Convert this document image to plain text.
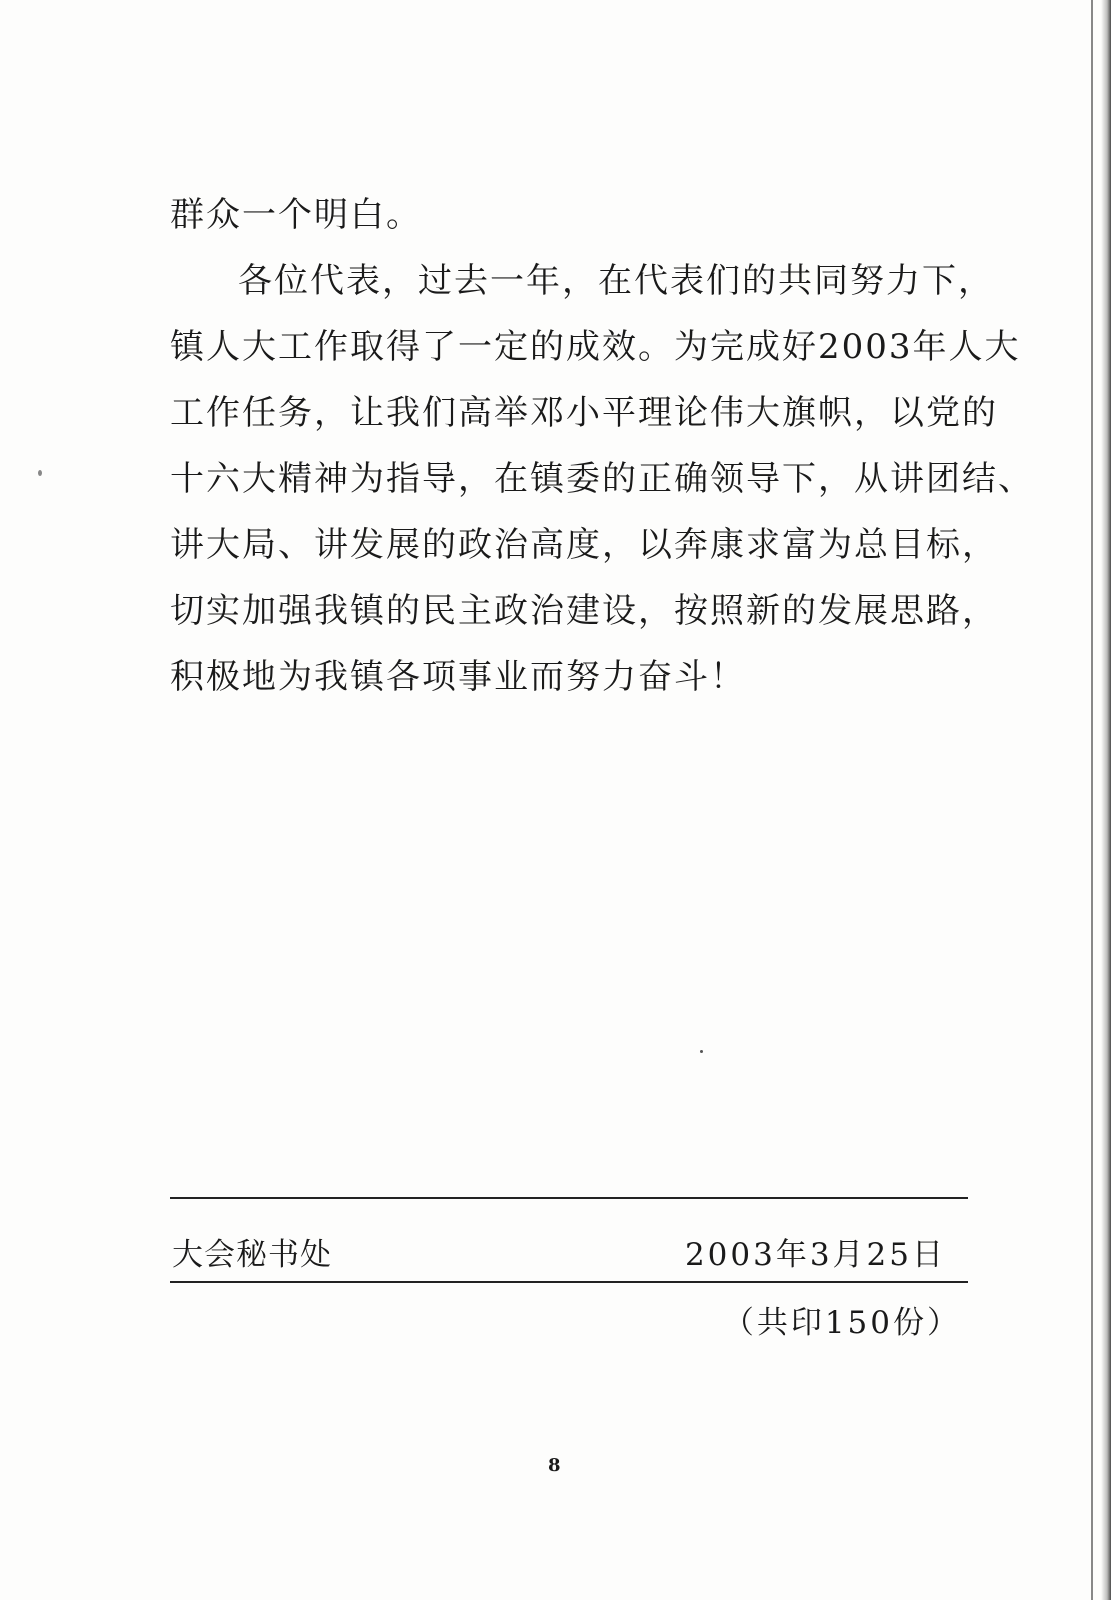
群众一个明白。
各位代表，过去一年，在代表们的共同努力下，
镇人大工作取得了一定的成效。为完成好2003年人大
工作任务，让我们高举邓小平理论伟大旗帜，以党的
十六大精神为指导，在镇委的正确领导下，从讲团结、
讲大局、讲发展的政治高度，以奔康求富为总目标，
切实加强我镇的民主政治建设，按照新的发展思路，
积极地为我镇各项事业而努力奋斗！
大会秘书处	2003年3月25日
（共印150份）
8
